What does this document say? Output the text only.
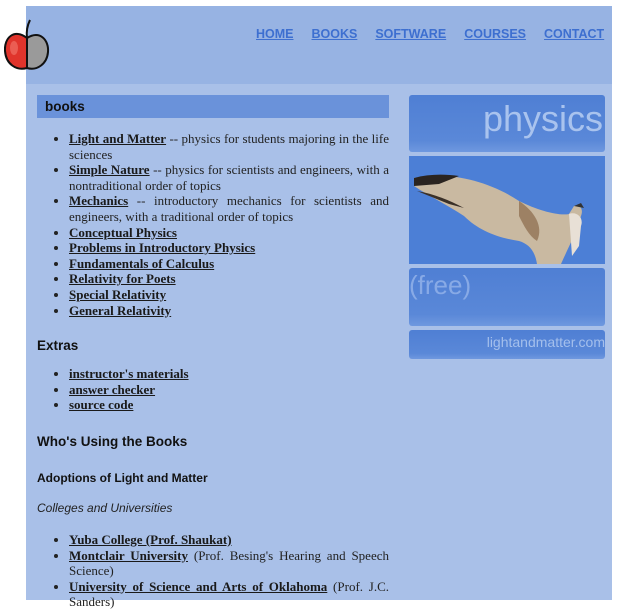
HOME BOOKS SOFTWARE COURSES CONTACT
books
• Light and Matter -- physics for students majoring in the life sciences
• Simple Nature -- physics for scientists and engineers, with a nontraditional order of topics
• Mechanics -- introductory mechanics for scientists and engineers, with a traditional order of topics
• Conceptual Physics
• Problems in Introductory Physics
• Fundamentals of Calculus
• Relativity for Poets
• Special Relativity
• General Relativity
Extras
• instructor's materials
• answer checker
• source code
Who's Using the Books
Adoptions of Light and Matter
Colleges and Universities
• Yuba College (Prof. Shaukat)
• Montclair University (Prof. Besing's Hearing and Speech Science)
• University of Science and Arts of Oklahoma (Prof. J.C. Sanders)
physics
(free)
lightandmatter.com
